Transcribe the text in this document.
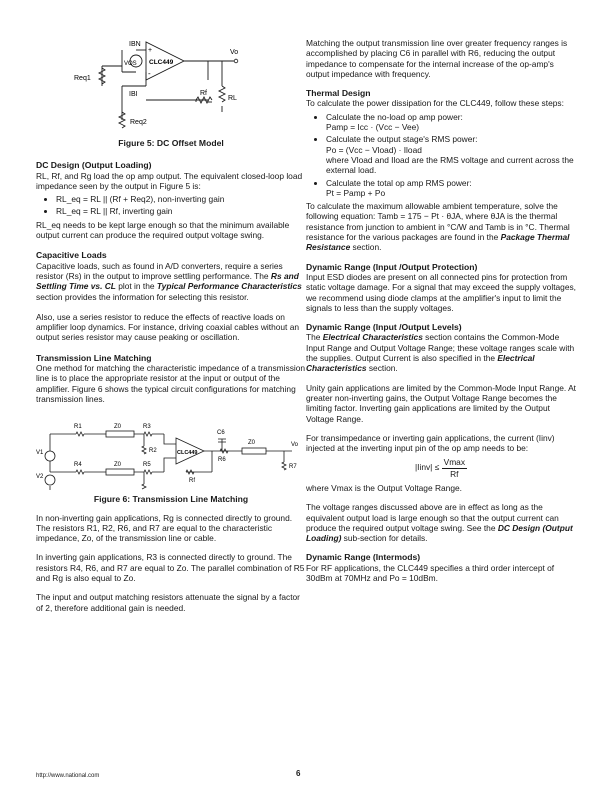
IBN
VOS
IBI
Req1
Req2
CLC449
+
-
Rf
RL
Vo

Figure 5: DC Offset Model

DC Design (Output Loading)

RL, Rf, and Rg load the op amp output. The equivalent closed-loop load impedance seen by the output in Figure 5 is:

• RL_eq = RL || (Rf + Req2), non-inverting gain
• RL_eq = RL || Rf, inverting gain

RL_eq needs to be kept large enough so that the minimum available output current can produce the required output voltage swing.

Capacitive Loads

Capacitive loads, such as found in A/D converters, require a series resistor (Rs) in the output to improve settling performance. The Rs and Settling Time vs. CL plot in the Typical Performance Characteristics section provides the information for selecting this resistor.

Also, use a series resistor to reduce the effects of reactive loads on amplifier loop dynamics. For instance, driving coaxial cables without an output series resistor may cause peaking or oscillation.

Transmission Line Matching

One method for matching the characteristic impedance of a transmission line is to place the appropriate resistor at the input or output of the amplifier. Figure 6 shows the typical circuit configurations for matching transmission lines.

V1
V2
R1
R4
Z0
Z0
R3
R5
R2	CLC449
Rf
C6
R6
Z0	Vo
R7

Figure 6: Transmission Line Matching

In non-inverting gain applications, Rg is connected directly to ground. The resistors R1, R2, R6, and R7 are equal to the characteristic impedance, Zo, of the transmission line or cable.

In inverting gain applications, R3 is connected directly to ground. The resistors R4, R6, and R7 are equal to Zo. The parallel combination of R5 and Rg is also equal to Zo.

The input and output matching resistors attenuate the signal by a factor of 2, therefore additional gain is needed.

Matching the output transmission line over greater frequency ranges is accomplished by placing C6 in parallel with R6, reducing the output impedance to compensate for the internal increase of the op-amp's output impedance with frequency.

Thermal Design

To calculate the power dissipation for the CLC449, follow these steps:

• Calculate the no-load op amp power:
Pamp = Icc · (Vcc − Vee)
• Calculate the output stage's RMS power:
Po = (Vcc − Vload) · Iload
where Vload and Iload are the RMS voltage and current across the external load.
• Calculate the total op amp RMS power:
Pt = Pamp + Po

To calculate the maximum allowable ambient temperature, solve the following equation: Tamb = 175 − Pt · θJA, where θJA is the thermal resistance from junction to ambient in °C/W and Tamb is in °C. Thermal resistance for the various packages are found in the Package Thermal Resistance section.

Dynamic Range (Input /Output Protection)

Input ESD diodes are present on all connected pins for protection from static voltage damage. For a signal that may exceed the supply voltages, we recommend using diode clamps at the amplifier's input to limit the signals to less than the supply voltages.

Dynamic Range (Input /Output Levels)

The Electrical Characteristics section contains the Common-Mode Input Range and Output Voltage Range; these voltage ranges scale with the supplies. Output Current is also specified in the Electrical Characteristics section.

Unity gain applications are limited by the Common-Mode Input Range. At greater non-inverting gains, the Output Voltage Range becomes the limiting factor. Inverting gain applications are limited by the Output Voltage Range.

For transimpedance or inverting gain applications, the current (Iinv) injected at the inverting input pin of the op amp needs to be:

|Iinv| ≤ $\frac{Vmax}{Rf}$

where Vmax is the Output Voltage Range.

The voltage ranges discussed above are in effect as long as the equivalent output load is large enough so that the output current can produce the required output voltage swing. See the DC Design (Output Loading) sub-section for details.

Dynamic Range (Intermods)

For RF applications, the CLC449 specifies a third order intercept of 30dBm at 70MHz and Po = 10dBm.

http://www.national.com	6
